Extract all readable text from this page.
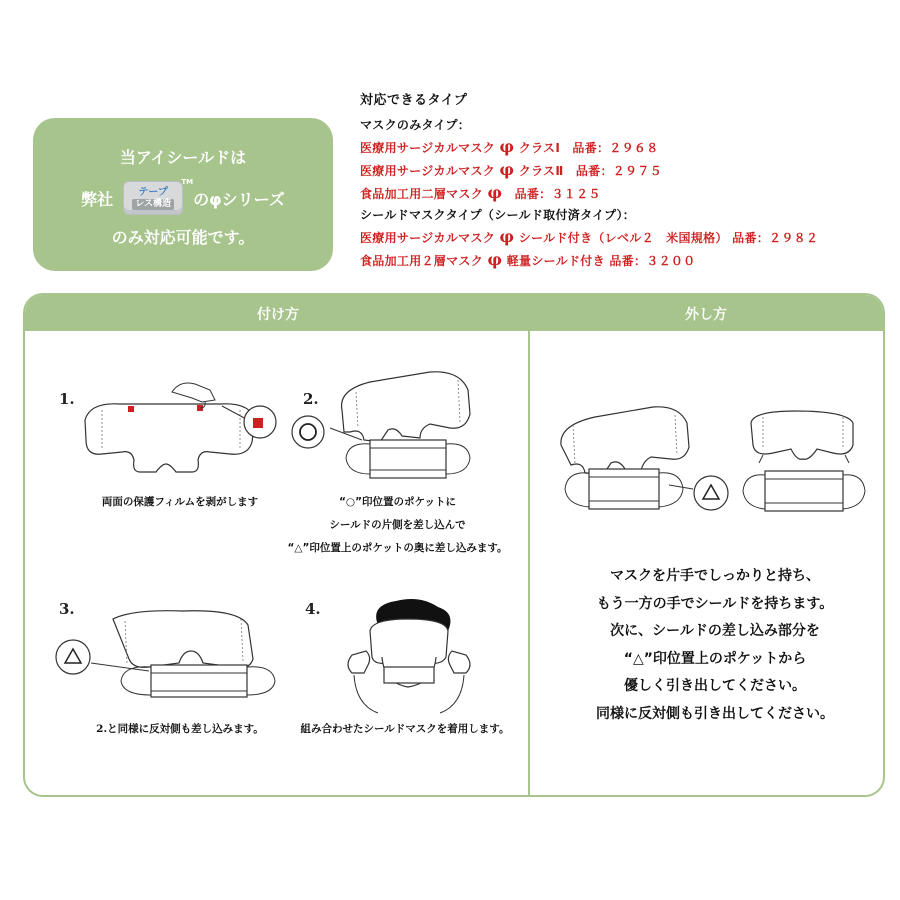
当アイシールドは
弊社	テープ
レス構造
TM
のφシリーズ
のみ対応可能です。
対応できるタイプ
マスクのみタイプ：
医療用サージカルマスク φ クラスⅠ　品番：２９６８
医療用サージカルマスク φ クラスⅡ　品番：２９７５
食品加工用二層マスク φ　品番：３１２５
シールドマスクタイプ（シールド取付済タイプ）：
医療用サージカルマスク φ シールド付き（レベル２　米国規格） 品番：２９８２
食品加工用２層マスク φ 軽量シールド付き 品番：３２００
付け方	外し方
1.
両面の保護フィルムを剥がします
2.
“○”印位置のポケットに
シールドの片側を差し込んで
“△”印位置上のポケットの奥に差し込みます。
3.
2.と同様に反対側も差し込みます。
4.
組み合わせたシールドマスクを着用します。
マスクを片手でしっかりと持ち、
もう一方の手でシールドを持ちます。
次に、シールドの差し込み部分を
“△”印位置上のポケットから
優しく引き出してください。
同様に反対側も引き出してください。
